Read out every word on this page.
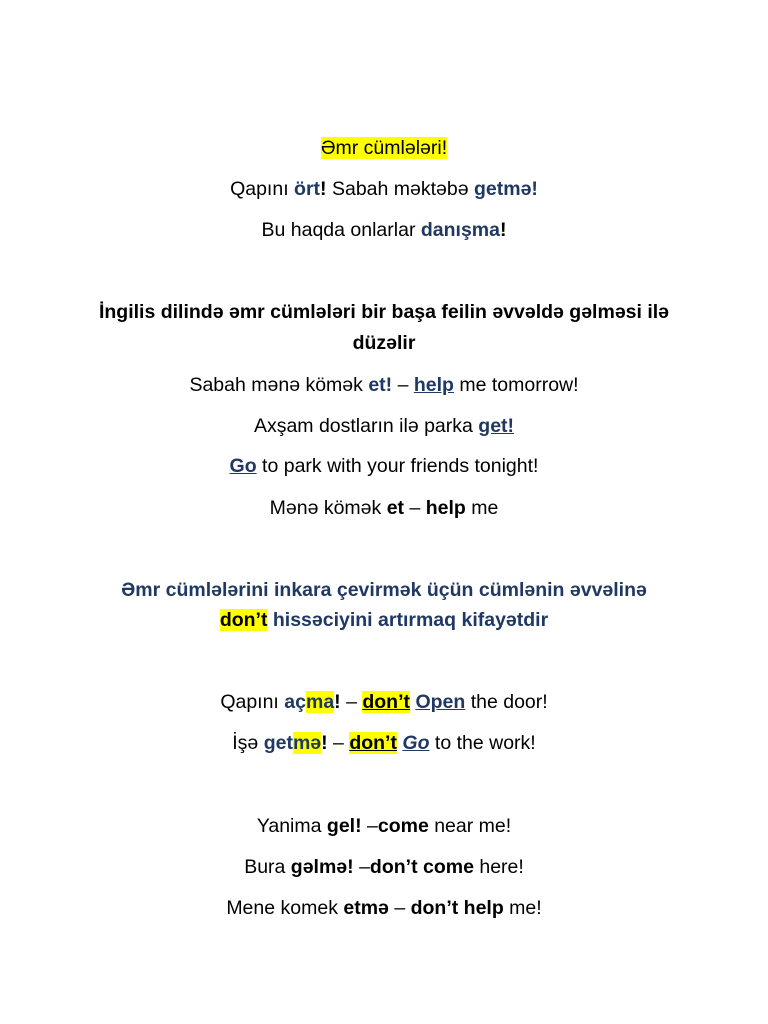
Əmr cümlələri!
Qapını ört! Sabah məktəbə getmə!
Bu haqda onlarlar danışma!
İngilis dilində əmr cümlələri bir başa feilin əvvəldə gəlməsi ilə
düzəlir
Sabah mənə kömək et! – help me tomorrow!
Axşam dostların ilə parka get!
Go to park with your friends tonight!
Mənə kömək et – help me
Əmr cümlələrini inkara çevirmək üçün cümlənin əvvəlinə
don’t hissəciyini artırmaq kifayətdir
Qapını açma! – don’t Open the door!
İşə getmə! – don’t Go to the work!
Yanima gel! –come near me!
Bura gəlmə! –don’t come here!
Mene komek etmə – don’t help me!
